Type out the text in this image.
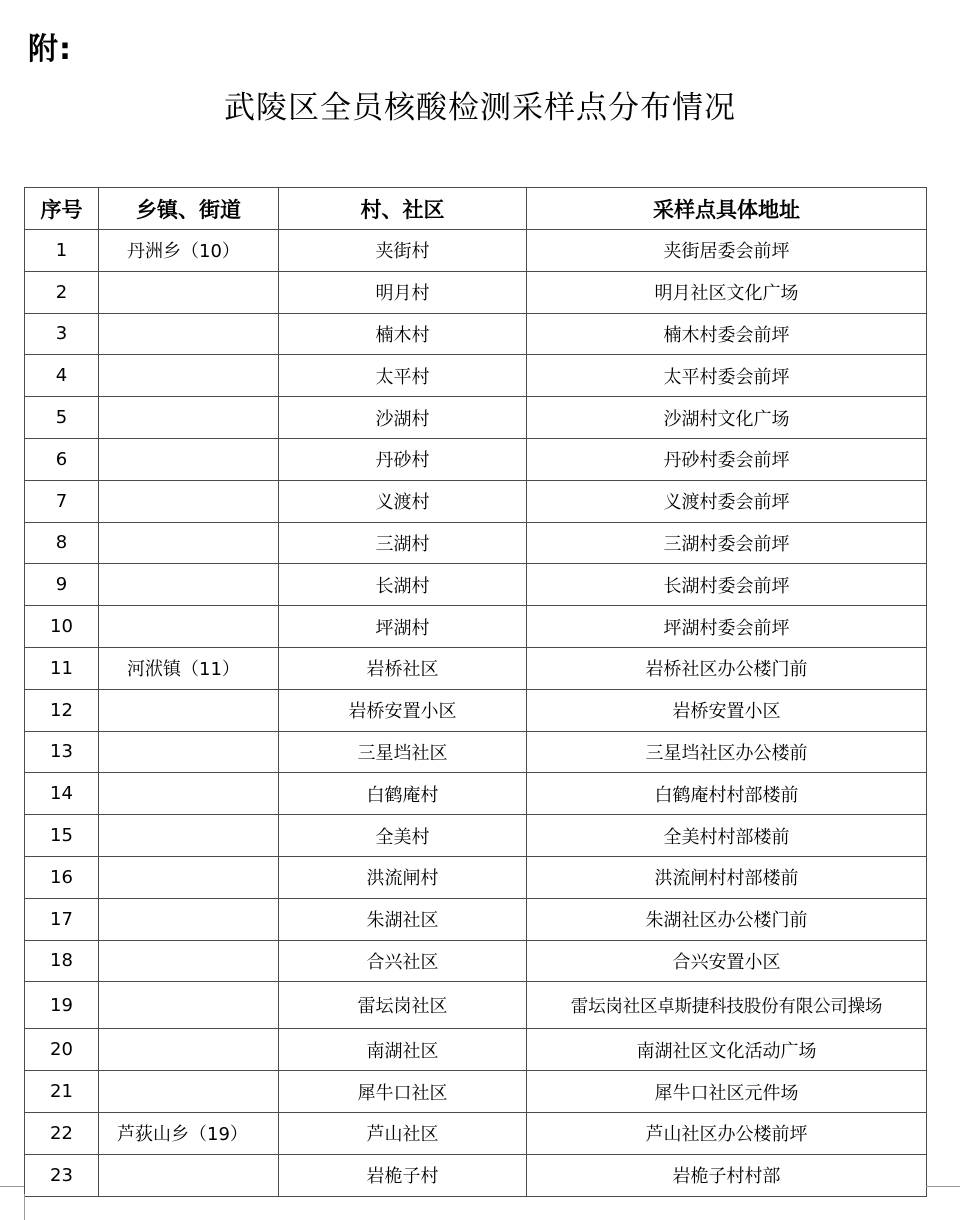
附:
武陵区全员核酸检测采样点分布情况
序号	乡镇、街道	村、社区	采样点具体地址
1	丹洲乡（10）	夹街村	夹街居委会前坪
2		明月村	明月社区文化广场
3		楠木村	楠木村委会前坪
4		太平村	太平村委会前坪
5		沙湖村	沙湖村文化广场
6		丹砂村	丹砂村委会前坪
7		义渡村	义渡村委会前坪
8		三湖村	三湖村委会前坪
9		长湖村	长湖村委会前坪
10		坪湖村	坪湖村委会前坪
11	河洑镇（11）	岩桥社区	岩桥社区办公楼门前
12		岩桥安置小区	岩桥安置小区
13		三星垱社区	三星垱社区办公楼前
14		白鹤庵村	白鹤庵村村部楼前
15		全美村	全美村村部楼前
16		洪流闸村	洪流闸村村部楼前
17		朱湖社区	朱湖社区办公楼门前
18		合兴社区	合兴安置小区
19		雷坛岗社区	雷坛岗社区卓斯捷科技股份有限公司操场
20		南湖社区	南湖社区文化活动广场
21		犀牛口社区	犀牛口社区元件场
22	芦荻山乡（19）	芦山社区	芦山社区办公楼前坪
23		岩桅子村	岩桅子村村部
